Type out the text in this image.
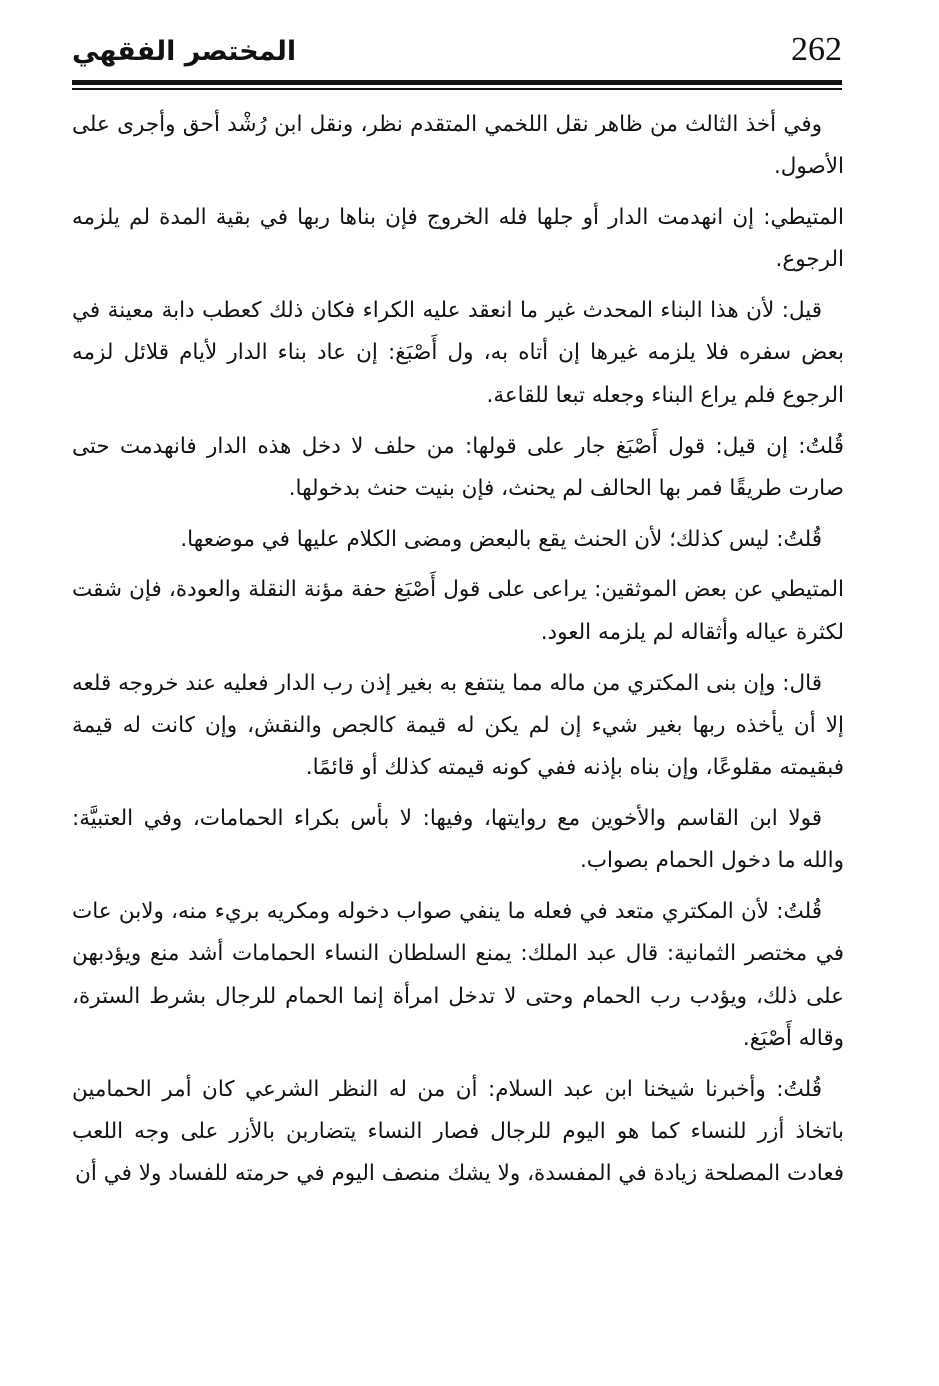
262
المختصر الفقهي

وفي أخذ الثالث من ظاهر نقل اللخمي المتقدم نظر، ونقل ابن رُشْد أحق وأجرى على الأصول.

المتيطي: إن انهدمت الدار أو جلها فله الخروج فإن بناها ربها في بقية المدة لم يلزمه الرجوع.

قيل: لأن هذا البناء المحدث غير ما انعقد عليه الكراء فكان ذلك كعطب دابة معينة في بعض سفره فلا يلزمه غيرها إن أتاه به، ول أَصْبَغ: إن عاد بناء الدار لأيام قلائل لزمه الرجوع فلم يراع البناء وجعله تبعا للقاعة.

قُلتُ: إن قيل: قول أَصْبَغ جار على قولها: من حلف لا دخل هذه الدار فانهدمت حتى صارت طريقًا فمر بها الحالف لم يحنث، فإن بنيت حنث بدخولها.

قُلتُ: ليس كذلك؛ لأن الحنث يقع بالبعض ومضى الكلام عليها في موضعها.

المتيطي عن بعض الموثقين: يراعى على قول أَصْبَغ حفة مؤنة النقلة والعودة، فإن شقت لكثرة عياله وأثقاله لم يلزمه العود.

قال: وإن بنى المكتري من ماله مما ينتفع به بغير إذن رب الدار فعليه عند خروجه قلعه إلا أن يأخذه ربها بغير شيء إن لم يكن له قيمة كالجص والنقش، وإن كانت له قيمة فبقيمته مقلوعًا، وإن بناه بإذنه ففي كونه قيمته كذلك أو قائمًا.

قولا ابن القاسم والأخوين مع روايتها، وفيها: لا بأس بكراء الحمامات، وفي العتبيَّة: والله ما دخول الحمام بصواب.

قُلتُ: لأن المكتري متعد في فعله ما ينفي صواب دخوله ومكريه بريء منه، ولابن عات في مختصر الثمانية: قال عبد الملك: يمنع السلطان النساء الحمامات أشد منع ويؤدبهن على ذلك، ويؤدب رب الحمام وحتى لا تدخل امرأة إنما الحمام للرجال بشرط السترة، وقاله أَصْبَغ.

قُلتُ: وأخبرنا شيخنا ابن عبد السلام: أن من له النظر الشرعي كان أمر الحمامين باتخاذ أزر للنساء كما هو اليوم للرجال فصار النساء يتضاربن بالأزر على وجه اللعب فعادت المصلحة زيادة في المفسدة، ولا يشك منصف اليوم في حرمته للفساد ولا في أن
